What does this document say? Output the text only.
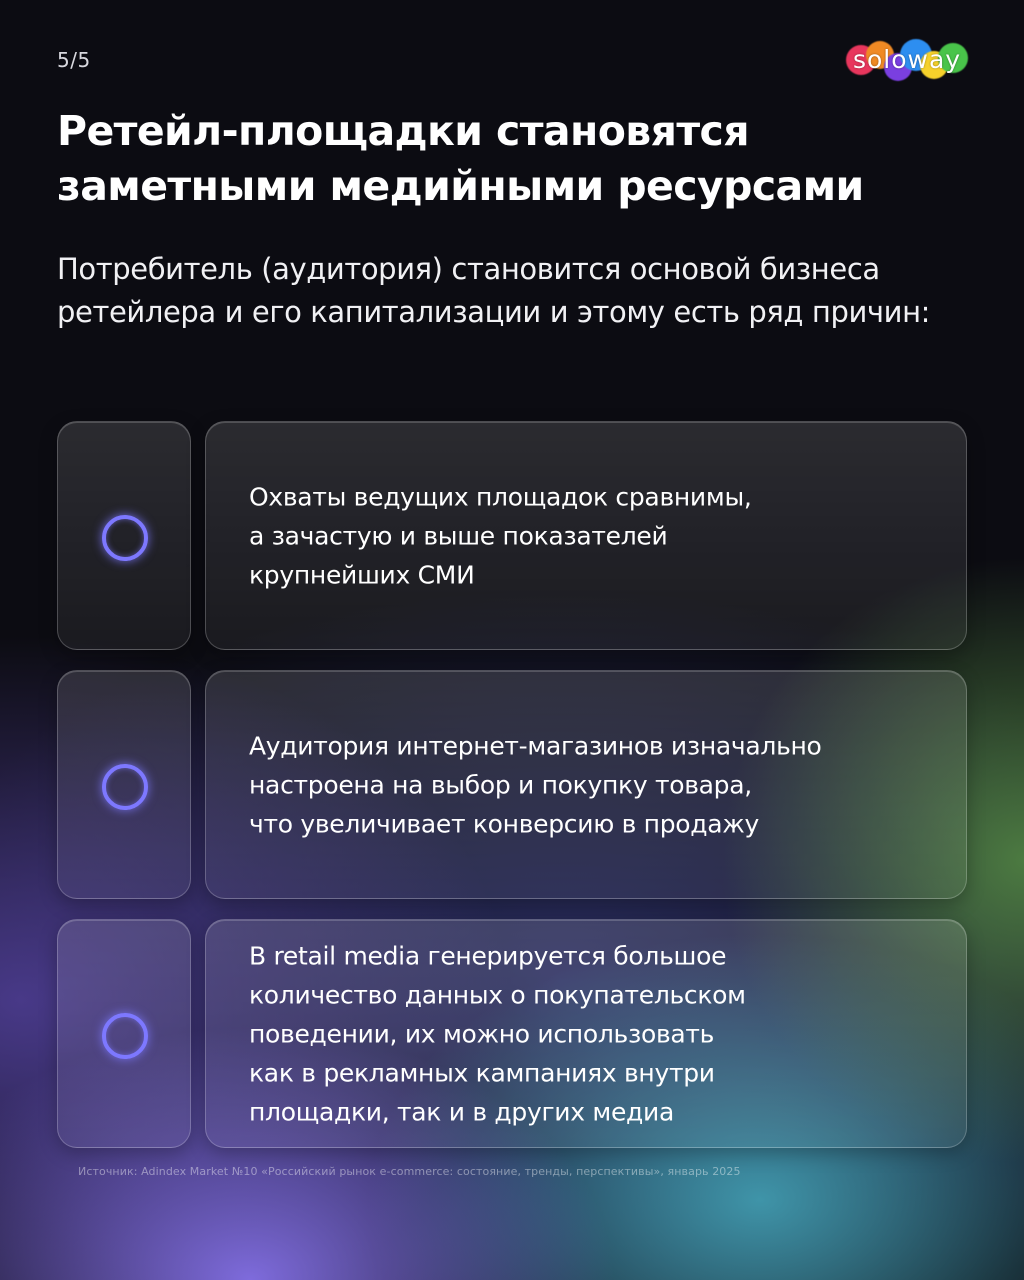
5/5	soloway
Ретейл-площадки становятся заметными медийными ресурсами

Потребитель (аудитория) становится основой бизнеса ретейлера и его капитализации и этому есть ряд причин:

Охваты ведущих площадок сравнимы,
а зачастую и выше показателей
крупнейших СМИ

Аудитория интернет-магазинов изначально
настроена на выбор и покупку товара,
что увеличивает конверсию в продажу

В retail media генерируется большое
количество данных о покупательском
поведении, их можно использовать
как в рекламных кампаниях внутри
площадки, так и в других медиа

Источник: Adindex Market №10 «Российский рынок e-commerce: состояние, тренды, перспективы», январь 2025
